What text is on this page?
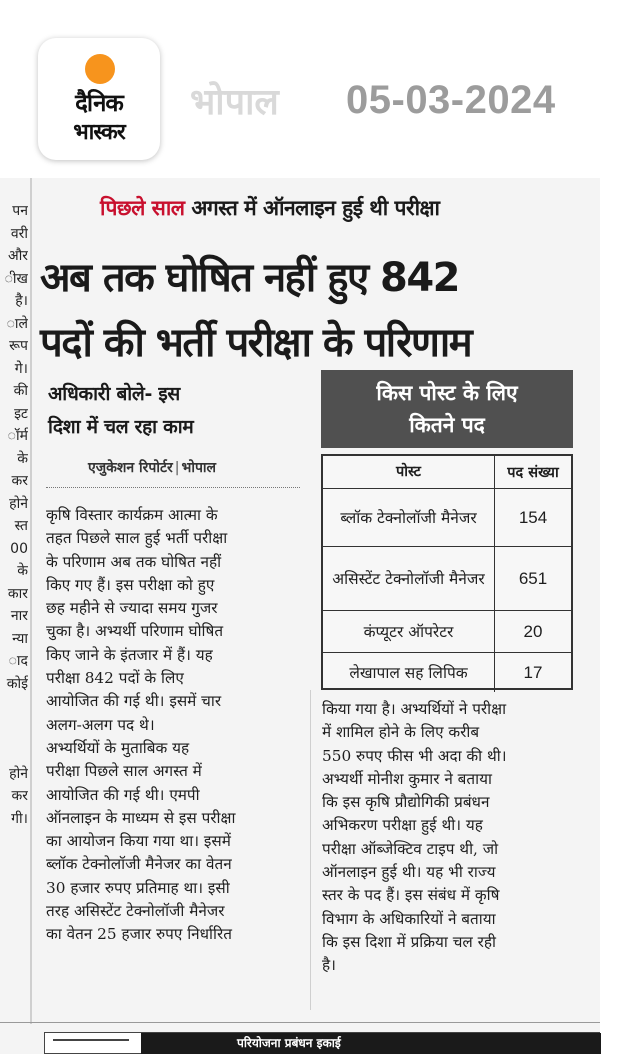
दैनिक
भास्कर
भोपाल 05-03-2024
पन
वरी
और
ीख
है।
ाले
रूप
गेे।
की
इट
ॉर्म
के
कर
होने
स्त
00
के
कार
नार
न्या
ाद
कोई
होने
कर
गी।
पिछले साल अगस्त में ऑनलाइन हुई थी परीक्षा
अब तक घोषित नहीं हुए 842
पदों की भर्ती परीक्षा के परिणाम
अधिकारी बोले- इस
दिशा में चल रहा काम
एजुकेशन रिपोर्टर | भोपाल
कृषि विस्तार कार्यक्रम आत्मा के
तहत पिछले साल हुई भर्ती परीक्षा
के परिणाम अब तक घोषित नहीं
किए गए हैं। इस परीक्षा को हुए
छह महीने से ज्यादा समय गुजर
चुका है। अभ्यर्थी परिणाम घोषित
किए जाने के इंतजार में हैं। यह
परीक्षा 842 पदों के लिए
आयोजित की गई थी। इसमें चार
अलग-अलग पद थे।
अभ्यर्थियों के मुताबिक यह
परीक्षा पिछले साल अगस्त में
आयोजित की गई थी। एमपी
ऑनलाइन के माध्यम से इस परीक्षा
का आयोजन किया गया था। इसमें
ब्लॉक टेक्नोलॉजी मैनेजर का वेतन
30 हजार रुपए प्रतिमाह था। इसी
तरह असिस्टेंट टेक्नोलॉजी मैनेजर
का वेतन 25 हजार रुपए निर्धारित
किया गया है। अभ्यर्थियों ने परीक्षा
में शामिल होने के लिए करीब
550 रुपए फीस भी अदा की थी।
अभ्यर्थी मोनीश कुमार ने बताया
कि इस कृषि प्रौद्योगिकी प्रबंधन
अभिकरण परीक्षा हुई थी। यह
परीक्षा ऑब्जेक्टिव टाइप थी, जो
ऑनलाइन हुई थी। यह भी राज्य
स्तर के पद हैं। इस संबंध में कृषि
विभाग के अधिकारियों ने बताया
कि इस दिशा में प्रक्रिया चल रही
है।
किस पोस्ट के लिए
कितने पद
पोस्ट	पद संख्या
ब्लॉक टेक्नोलॉजी मैनेजर	154
असिस्टेंट टेक्नोलॉजी मैनेजर	651
कंप्यूटर ऑपरेटर	20
लेखापाल सह लिपिक	17
परियोजना प्रबंधन इकाई
